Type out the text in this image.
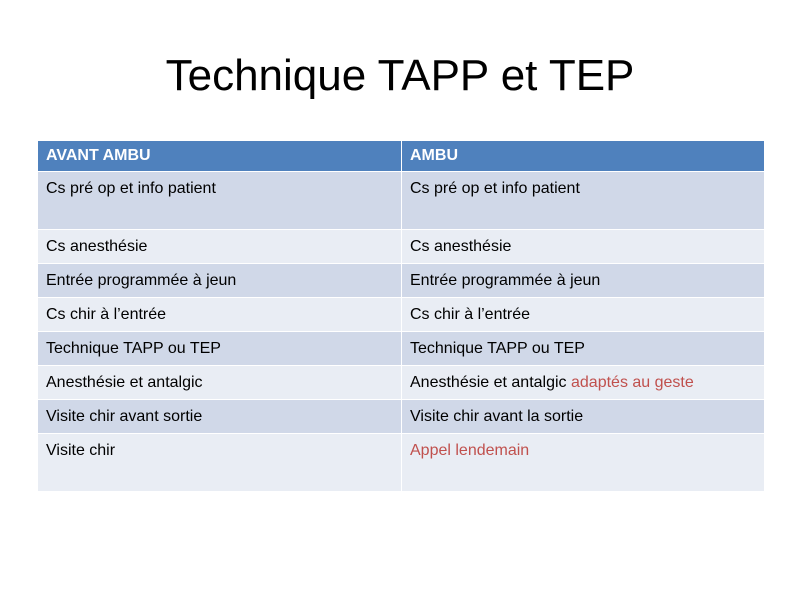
Technique TAPP et TEP
AVANT AMBU	AMBU
Cs pré op et info patient	Cs pré op et info patient
Cs anesthésie	Cs anesthésie
Entrée programmée à jeun	Entrée programmée à jeun
Cs chir à l’entrée	Cs chir à l’entrée
Technique TAPP ou TEP	Technique TAPP ou TEP
Anesthésie et antalgic	Anesthésie et antalgic adaptés au geste
Visite chir avant sortie	Visite chir avant la sortie
Visite chir	Appel lendemain
